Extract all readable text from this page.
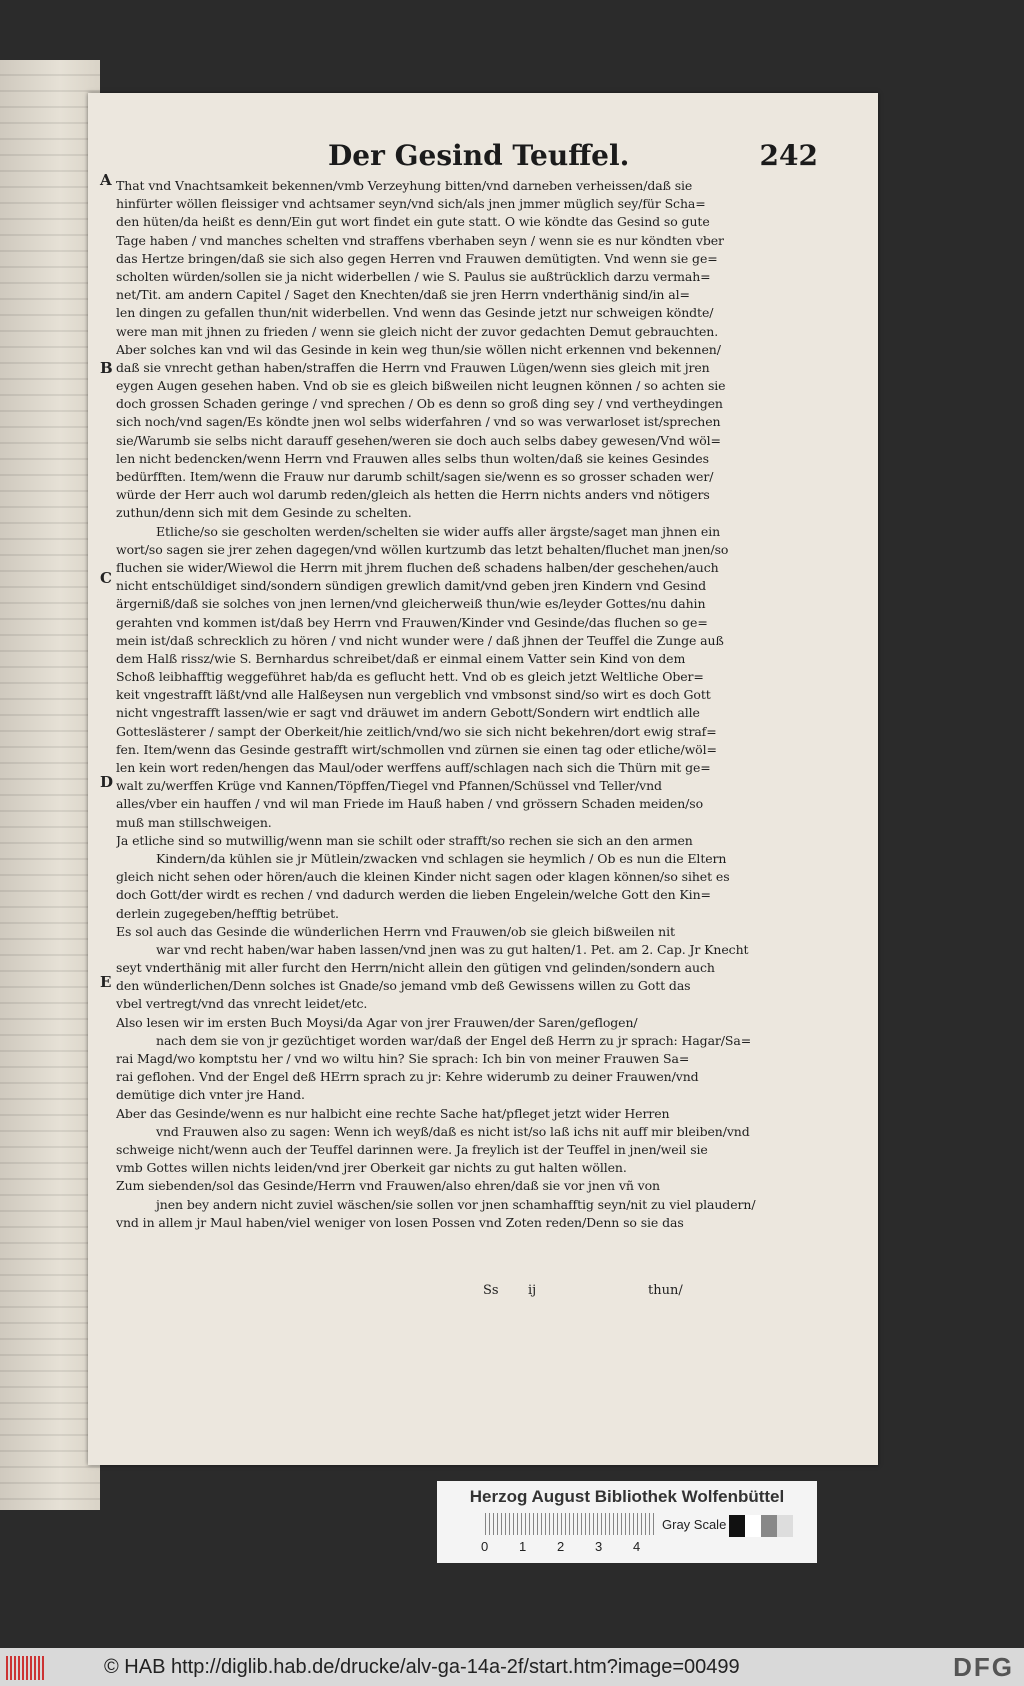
Der Gesind Teuffel.	242
A
B
C
D
E
That vnd Vnachtsamkeit bekennen/vmb Verzeyhung bitten/vnd darneben verheissen/daß sie
hinfürter wöllen fleissiger vnd achtsamer seyn/vnd sich/als jnen jmmer müglich sey/für Scha=
den hüten/da heißt es denn/Ein gut wort findet ein gute statt. O wie köndte das Gesind so gute
Tage haben / vnd manches schelten vnd straffens vberhaben seyn / wenn sie es nur köndten vber
das Hertze bringen/daß sie sich also gegen Herren vnd Frauwen demütigten. Vnd wenn sie ge=
scholten würden/sollen sie ja nicht widerbellen / wie S. Paulus sie außtrücklich darzu vermah=
net/Tit. am andern Capitel / Saget den Knechten/daß sie jren Herrn vnderthänig sind/in al=
len dingen zu gefallen thun/nit widerbellen. Vnd wenn das Gesinde jetzt nur schweigen köndte/
were man mit jhnen zu frieden / wenn sie gleich nicht der zuvor gedachten Demut gebrauchten.
Aber solches kan vnd wil das Gesinde in kein weg thun/sie wöllen nicht erkennen vnd bekennen/
daß sie vnrecht gethan haben/straffen die Herrn vnd Frauwen Lügen/wenn sies gleich mit jren
eygen Augen gesehen haben. Vnd ob sie es gleich bißweilen nicht leugnen können / so achten sie
doch grossen Schaden geringe / vnd sprechen / Ob es denn so groß ding sey / vnd vertheydingen
sich noch/vnd sagen/Es köndte jnen wol selbs widerfahren / vnd so was verwarloset ist/sprechen
sie/Warumb sie selbs nicht darauff gesehen/weren sie doch auch selbs dabey gewesen/Vnd wöl=
len nicht bedencken/wenn Herrn vnd Frauwen alles selbs thun wolten/daß sie keines Gesindes
bedürfften. Item/wenn die Frauw nur darumb schilt/sagen sie/wenn es so grosser schaden wer/
würde der Herr auch wol darumb reden/gleich als hetten die Herrn nichts anders vnd nötigers
zuthun/denn sich mit dem Gesinde zu schelten.
Etliche/so sie gescholten werden/schelten sie wider auffs aller ärgste/saget man jhnen ein
wort/so sagen sie jrer zehen dagegen/vnd wöllen kurtzumb das letzt behalten/fluchet man jnen/so
fluchen sie wider/Wiewol die Herrn mit jhrem fluchen deß schadens halben/der geschehen/auch
nicht entschüldiget sind/sondern sündigen grewlich damit/vnd geben jren Kindern vnd Gesind
ärgerniß/daß sie solches von jnen lernen/vnd gleicherweiß thun/wie es/leyder Gottes/nu dahin
gerahten vnd kommen ist/daß bey Herrn vnd Frauwen/Kinder vnd Gesinde/das fluchen so ge=
mein ist/daß schrecklich zu hören / vnd nicht wunder were / daß jhnen der Teuffel die Zunge auß
dem Halß rissz/wie S. Bernhardus schreibet/daß er einmal einem Vatter sein Kind von dem
Schoß leibhafftig weggeführet hab/da es geflucht hett. Vnd ob es gleich jetzt Weltliche Ober=
keit vngestrafft läßt/vnd alle Halßeysen nun vergeblich vnd vmbsonst sind/so wirt es doch Gott
nicht vngestrafft lassen/wie er sagt vnd dräuwet im andern Gebott/Sondern wirt endtlich alle
Gotteslästerer / sampt der Oberkeit/hie zeitlich/vnd/wo sie sich nicht bekehren/dort ewig straf=
fen. Item/wenn das Gesinde gestrafft wirt/schmollen vnd zürnen sie einen tag oder etliche/wöl=
len kein wort reden/hengen das Maul/oder werffens auff/schlagen nach sich die Thürn mit ge=
walt zu/werffen Krüge vnd Kannen/Töpffen/Tiegel vnd Pfannen/Schüssel vnd Teller/vnd
alles/vber ein hauffen / vnd wil man Friede im Hauß haben / vnd grössern Schaden meiden/so
muß man stillschweigen.
Ja etliche sind so mutwillig/wenn man sie schilt oder strafft/so rechen sie sich an den armen
Kindern/da kühlen sie jr Mütlein/zwacken vnd schlagen sie heymlich / Ob es nun die Eltern
gleich nicht sehen oder hören/auch die kleinen Kinder nicht sagen oder klagen können/so sihet es
doch Gott/der wirdt es rechen / vnd dadurch werden die lieben Engelein/welche Gott den Kin=
derlein zugegeben/hefftig betrübet.
Es sol auch das Gesinde die wünderlichen Herrn vnd Frauwen/ob sie gleich bißweilen nit
war vnd recht haben/war haben lassen/vnd jnen was zu gut halten/1. Pet. am 2. Cap. Jr Knecht
seyt vnderthänig mit aller furcht den Herrn/nicht allein den gütigen vnd gelinden/sondern auch
den wünderlichen/Denn solches ist Gnade/so jemand vmb deß Gewissens willen zu Gott das
vbel vertregt/vnd das vnrecht leidet/etc.
Also lesen wir im ersten Buch Moysi/da Agar von jrer Frauwen/der Saren/geflogen/
nach dem sie von jr gezüchtiget worden war/daß der Engel deß Herrn zu jr sprach: Hagar/Sa=
rai Magd/wo komptstu her / vnd wo wiltu hin? Sie sprach: Ich bin von meiner Frauwen Sa=
rai geflohen. Vnd der Engel deß HErrn sprach zu jr: Kehre widerumb zu deiner Frauwen/vnd
demütige dich vnter jre Hand.
Aber das Gesinde/wenn es nur halbicht eine rechte Sache hat/pfleget jetzt wider Herren
vnd Frauwen also zu sagen: Wenn ich weyß/daß es nicht ist/so laß ichs nit auff mir bleiben/vnd
schweige nicht/wenn auch der Teuffel darinnen were. Ja freylich ist der Teuffel in jnen/weil sie
vmb Gottes willen nichts leiden/vnd jrer Oberkeit gar nichts zu gut halten wöllen.
Zum siebenden/sol das Gesinde/Herrn vnd Frauwen/also ehren/daß sie vor jnen vñ von
jnen bey andern nicht zuviel wäschen/sie sollen vor jnen schamhafftig seyn/nit zu viel plaudern/
vnd in allem jr Maul haben/viel weniger von losen Possen vnd Zoten reden/Denn so sie das
Ss ij	thun/
Herzog August Bibliothek Wolfenbüttel
0 1 2 3 4
Gray Scale
© HAB http://diglib.hab.de/drucke/alv-ga-14a-2f/start.htm?image=00499	DFG
